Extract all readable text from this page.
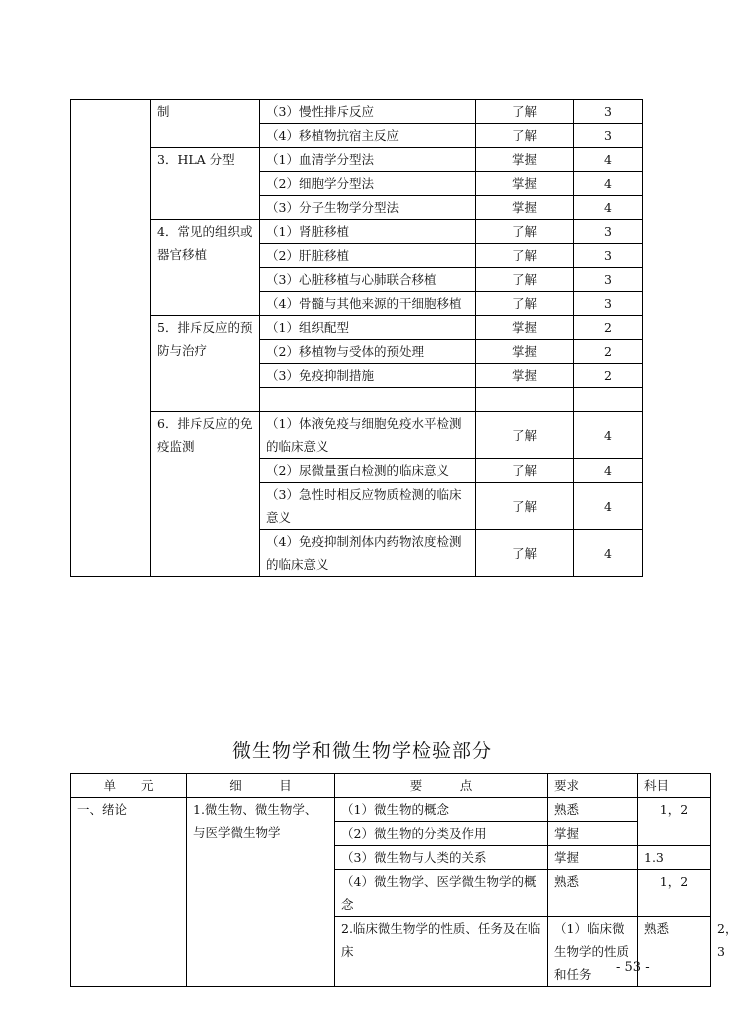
	制	（3）慢性排斥反应	了解	3
		（4）移植物抗宿主反应	了解	3
	3．HLA 分型	（1）血清学分型法	掌握	4
		（2）细胞学分型法	掌握	4
		（3）分子生物学分型法	掌握	4
	4．常见的组织或器官移植	（1）肾脏移植	了解	3
		（2）肝脏移植	了解	3
		（3）心脏移植与心肺联合移植	了解	3
		（4）骨髓与其他来源的干细胞移植	了解	3
	5．排斥反应的预防与治疗	（1）组织配型	掌握	2
		（2）移植物与受体的预处理	掌握	2
		（3）免疫抑制措施	掌握	2

	6．排斥反应的免疫监测	（1）体液免疫与细胞免疫水平检测的临床意义	了解	4
		（2）尿微量蛋白检测的临床意义	了解	4
		（3）急性时相反应物质检测的临床意义	了解	4
		（4）免疫抑制剂体内药物浓度检测的临床意义	了解	4
微生物学和微生物学检验部分
单　　元	细　　　目	要　　　点	要求	科目	
一、绪论	1.微生物、微生物学、与医学微生物学	（1）微生物的概念	熟悉	1，2	
		（2）微生物的分类及作用	掌握		
		（3）微生物与人类的关系	掌握	1.3	
		（4）微生物学、医学微生物学的概念	熟悉	1，2	
		2.临床微生物学的性质、任务及在临床	（1）临床微生物学的性质和任务	熟悉	2，3
- 53 -
